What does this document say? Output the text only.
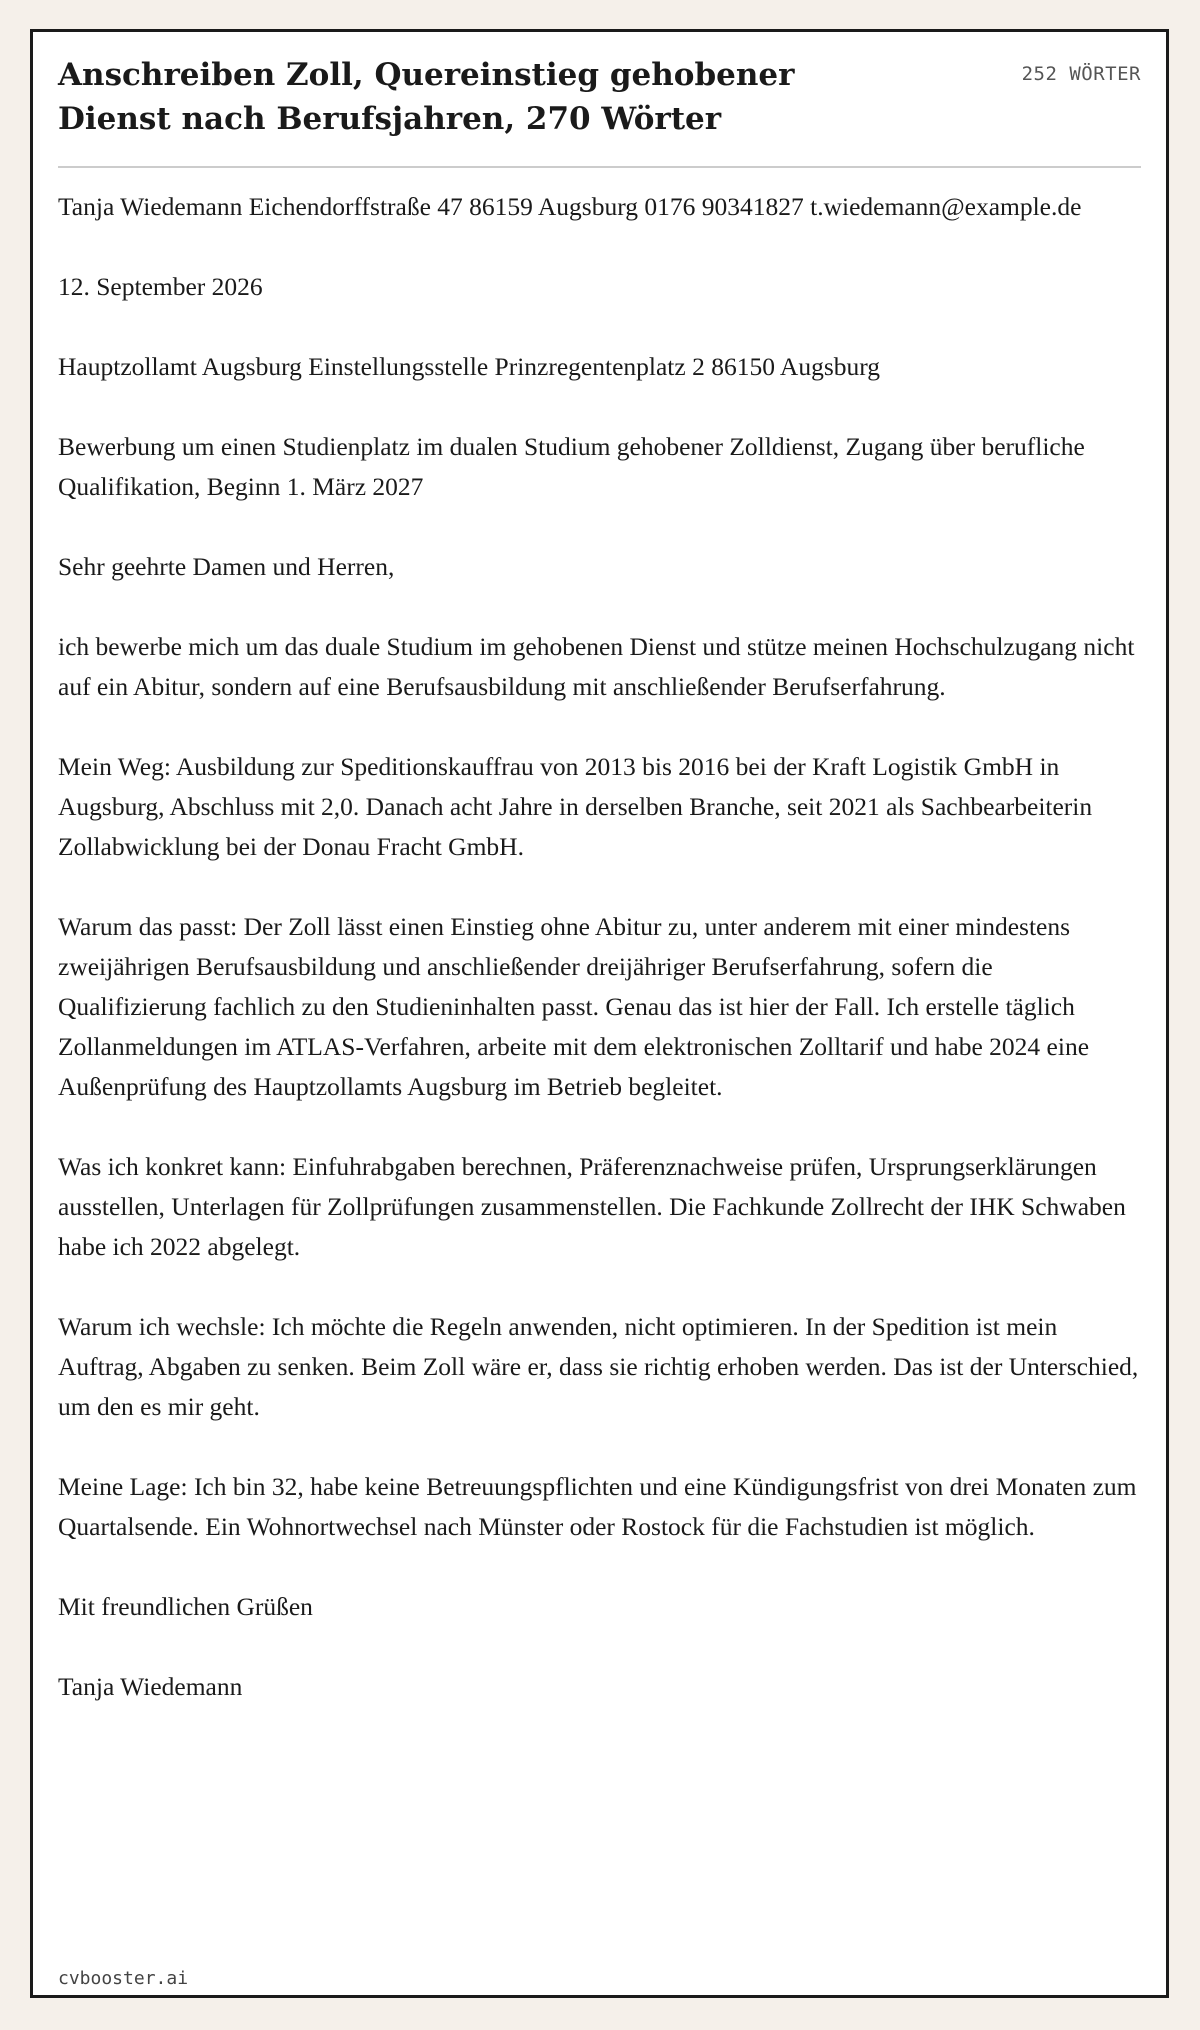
Anschreiben Zoll, Quereinstieg gehobener Dienst nach Berufsjahren, 270 Wörter
252 WÖRTER

Tanja Wiedemann Eichendorffstraße 47 86159 Augsburg 0176 90341827 t.wiedemann@example.de

12. September 2026

Hauptzollamt Augsburg Einstellungsstelle Prinzregentenplatz 2 86150 Augsburg

Bewerbung um einen Studienplatz im dualen Studium gehobener Zolldienst, Zugang über berufliche Qualifikation, Beginn 1. März 2027

Sehr geehrte Damen und Herren,

ich bewerbe mich um das duale Studium im gehobenen Dienst und stütze meinen Hochschulzugang nicht auf ein Abitur, sondern auf eine Berufsausbildung mit anschließender Berufserfahrung.

Mein Weg: Ausbildung zur Speditionskauffrau von 2013 bis 2016 bei der Kraft Logistik GmbH in Augsburg, Abschluss mit 2,0. Danach acht Jahre in derselben Branche, seit 2021 als Sachbearbeiterin Zollabwicklung bei der Donau Fracht GmbH.

Warum das passt: Der Zoll lässt einen Einstieg ohne Abitur zu, unter anderem mit einer mindestens zweijährigen Berufsausbildung und anschließender dreijähriger Berufserfahrung, sofern die Qualifizierung fachlich zu den Studieninhalten passt. Genau das ist hier der Fall. Ich erstelle täglich Zollanmeldungen im ATLAS-Verfahren, arbeite mit dem elektronischen Zolltarif und habe 2024 eine Außenprüfung des Hauptzollamts Augsburg im Betrieb begleitet.

Was ich konkret kann: Einfuhrabgaben berechnen, Präferenznachweise prüfen, Ursprungserklärungen ausstellen, Unterlagen für Zollprüfungen zusammenstellen. Die Fachkunde Zollrecht der IHK Schwaben habe ich 2022 abgelegt.

Warum ich wechsle: Ich möchte die Regeln anwenden, nicht optimieren. In der Spedition ist mein Auftrag, Abgaben zu senken. Beim Zoll wäre er, dass sie richtig erhoben werden. Das ist der Unterschied, um den es mir geht.

Meine Lage: Ich bin 32, habe keine Betreuungspflichten und eine Kündigungsfrist von drei Monaten zum Quartalsende. Ein Wohnortwechsel nach Münster oder Rostock für die Fachstudien ist möglich.

Mit freundlichen Grüßen

Tanja Wiedemann

cvbooster.ai
